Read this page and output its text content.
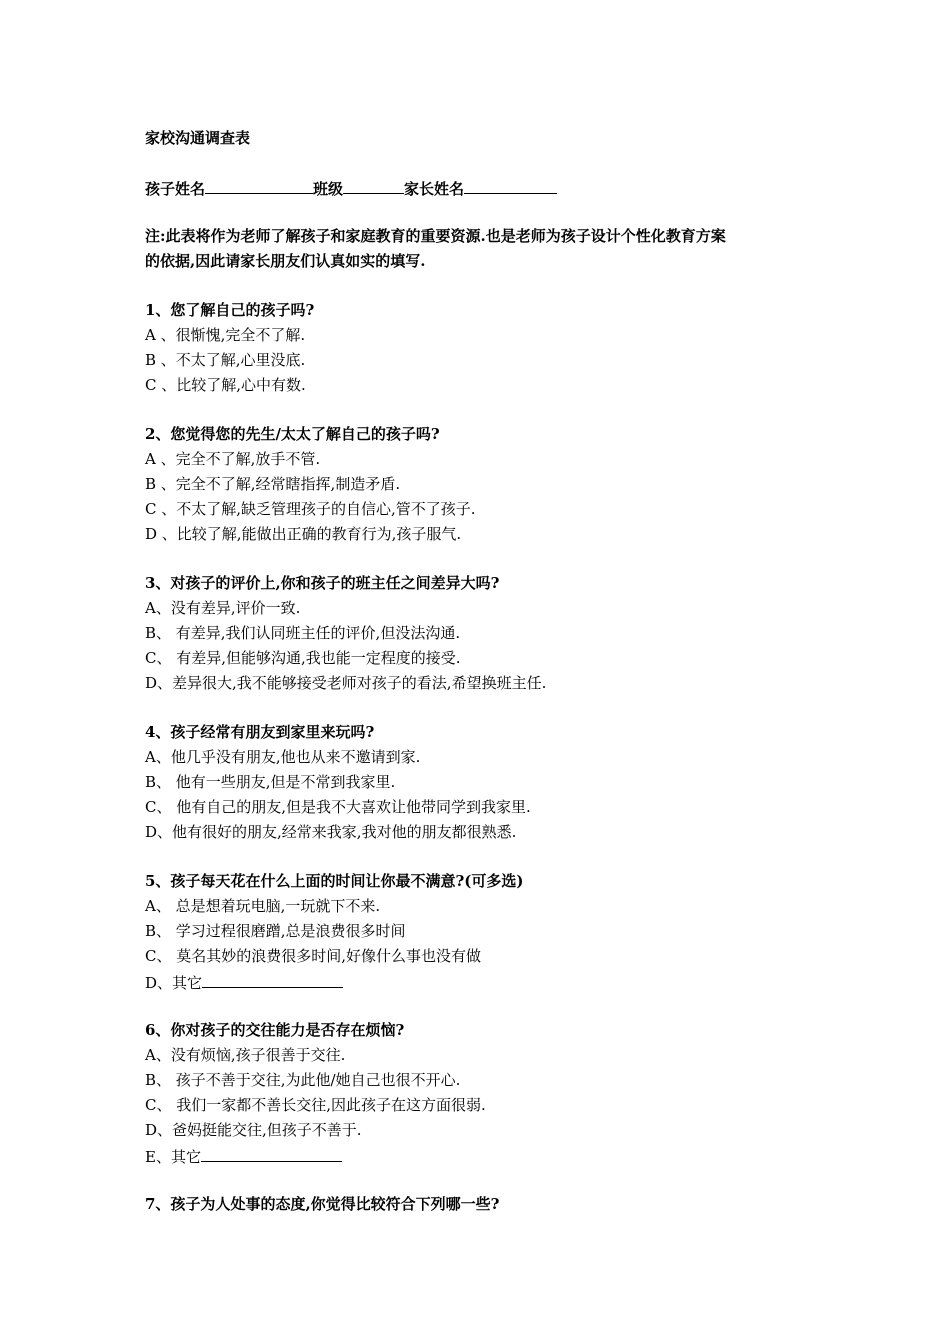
家校沟通调查表
孩子姓名	班级	家长姓名
注:此表将作为老师了解孩子和家庭教育的重要资源.也是老师为孩子设计个性化教育方案
的依据,因此请家长朋友们认真如实的填写.
1、您了解自己的孩子吗?
A 、很惭愧,完全不了解.
B 、不太了解,心里没底.
C 、比较了解,心中有数.
2、您觉得您的先生/太太了解自己的孩子吗?
A 、完全不了解,放手不管.
B 、完全不了解,经常瞎指挥,制造矛盾.
C 、不太了解,缺乏管理孩子的自信心,管不了孩子.
D 、比较了解,能做出正确的教育行为,孩子服气.
3、对孩子的评价上,你和孩子的班主任之间差异大吗?
A、没有差异,评价一致.
B、 有差异,我们认同班主任的评价,但没法沟通.
C、 有差异,但能够沟通,我也能一定程度的接受.
D、差异很大,我不能够接受老师对孩子的看法,希望换班主任.
4、孩子经常有朋友到家里来玩吗?
A、他几乎没有朋友,他也从来不邀请到家.
B、 他有一些朋友,但是不常到我家里.
C、 他有自己的朋友,但是我不大喜欢让他带同学到我家里.
D、他有很好的朋友,经常来我家,我对他的朋友都很熟悉.
5、孩子每天花在什么上面的时间让你最不满意?(可多选)
A、 总是想着玩电脑,一玩就下不来.
B、 学习过程很磨蹭,总是浪费很多时间
C、 莫名其妙的浪费很多时间,好像什么事也没有做
D、其它
6、你对孩子的交往能力是否存在烦恼?
A、没有烦恼,孩子很善于交往.
B、 孩子不善于交往,为此他/她自己也很不开心.
C、 我们一家都不善长交往,因此孩子在这方面很弱.
D、爸妈挺能交往,但孩子不善于.
E、其它
7、孩子为人处事的态度,你觉得比较符合下列哪一些?
